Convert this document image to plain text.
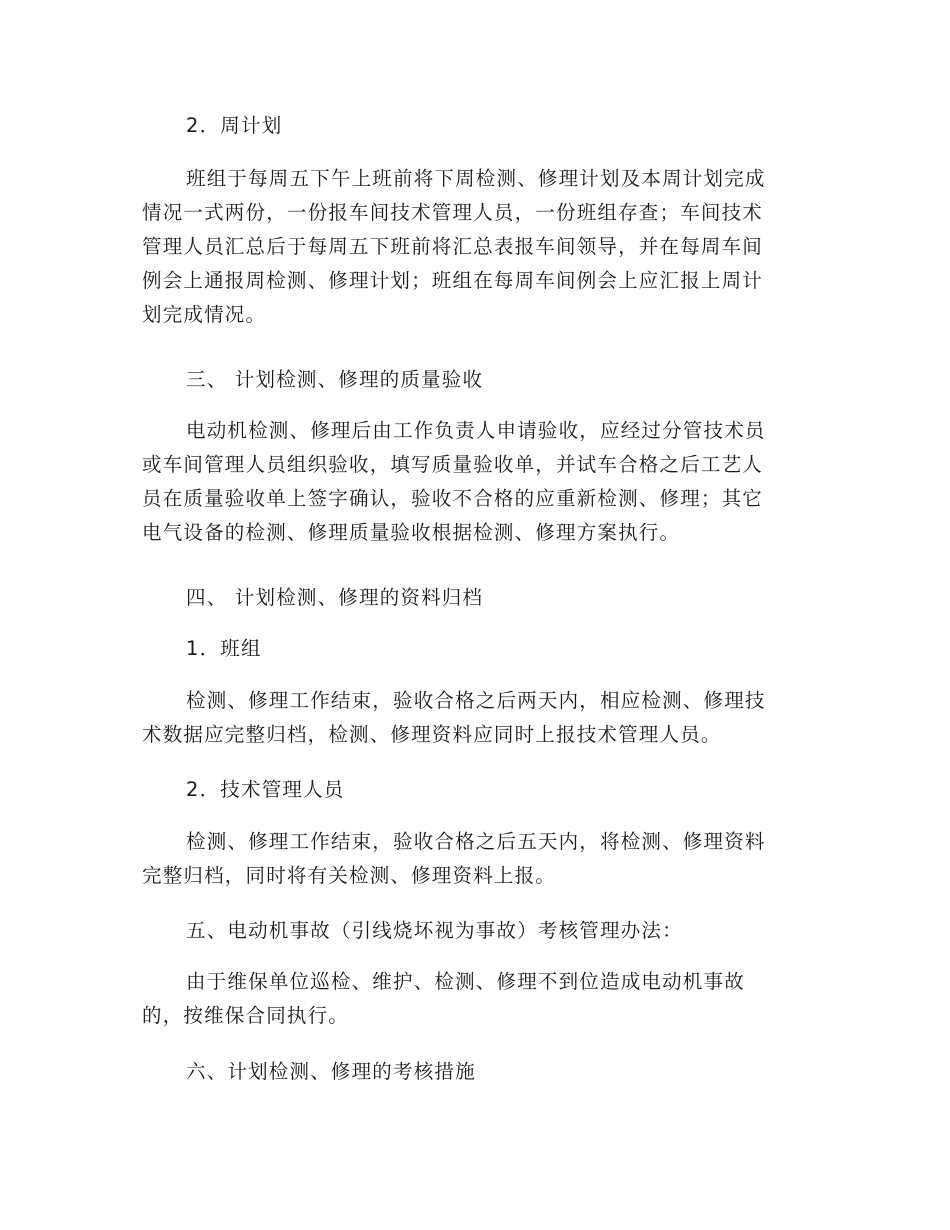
2．周计划

班组于每周五下午上班前将下周检测、修理计划及本周计划完成
情况一式两份，一份报车间技术管理人员，一份班组存查；车间技术
管理人员汇总后于每周五下班前将汇总表报车间领导，并在每周车间
例会上通报周检测、修理计划；班组在每周车间例会上应汇报上周计
划完成情况。

三、 计划检测、修理的质量验收

电动机检测、修理后由工作负责人申请验收，应经过分管技术员
或车间管理人员组织验收，填写质量验收单，并试车合格之后工艺人
员在质量验收单上签字确认，验收不合格的应重新检测、修理；其它
电气设备的检测、修理质量验收根据检测、修理方案执行。

四、 计划检测、修理的资料归档

1．班组

检测、修理工作结束，验收合格之后两天内，相应检测、修理技
术数据应完整归档，检测、修理资料应同时上报技术管理人员。

2．技术管理人员

检测、修理工作结束，验收合格之后五天内，将检测、修理资料
完整归档，同时将有关检测、修理资料上报。

五、电动机事故（引线烧坏视为事故）考核管理办法：

由于维保单位巡检、维护、检测、修理不到位造成电动机事故
的，按维保合同执行。

六、计划检测、修理的考核措施
